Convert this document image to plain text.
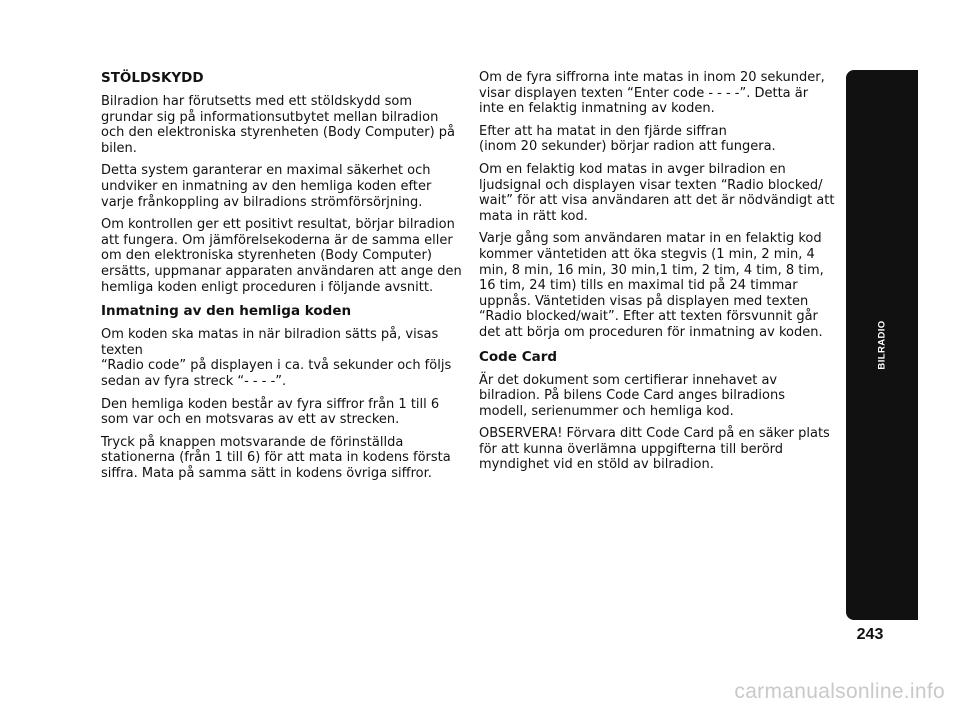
STÖLDSKYDD

Bilradion har förutsetts med ett stöldskydd som grundar sig på informationsutbytet mellan bilradion och den elektroniska styrenheten (Body Computer) på bilen.

Detta system garanterar en maximal säkerhet och undviker en inmatning av den hemliga koden efter varje frånkoppling av bilradions strömförsörjning.

Om kontrollen ger ett positivt resultat, börjar bilradion att fungera. Om jämförelsekoderna är de samma eller om den elektroniska styrenheten (Body Computer) ersätts, uppmanar apparaten användaren att ange den hemliga koden enligt proceduren i följande avsnitt.

Inmatning av den hemliga koden

Om koden ska matas in när bilradion sätts på, visas texten
“Radio code” på displayen i ca. två sekunder och följs sedan av fyra streck “- - - -”.

Den hemliga koden består av fyra siffror från 1 till 6 som var och en motsvaras av ett av strecken.

Tryck på knappen motsvarande de förinställda stationerna (från 1 till 6) för att mata in kodens första siffra. Mata på samma sätt in kodens övriga siffror.

Om de fyra siffrorna inte matas in inom 20 sekunder, visar displayen texten “Enter code - - - -”. Detta är inte en felaktig inmatning av koden.

Efter att ha matat in den fjärde siffran
(inom 20 sekunder) börjar radion att fungera.

Om en felaktig kod matas in avger bilradion en ljudsignal och displayen visar texten “Radio blocked/ wait” för att visa användaren att det är nödvändigt att mata in rätt kod.

Varje gång som användaren matar in en felaktig kod kommer väntetiden att öka stegvis (1 min, 2 min, 4 min, 8 min, 16 min, 30 min,1 tim, 2 tim, 4 tim, 8 tim, 16 tim, 24 tim) tills en maximal tid på 24 timmar uppnås. Väntetiden visas på displayen med texten “Radio blocked/wait”. Efter att texten försvunnit går det att börja om proceduren för inmatning av koden.

Code Card

Är det dokument som certifierar innehavet av bilradion. På bilens Code Card anges bilradions modell, serienummer och hemliga kod.

OBSERVERA! Förvara ditt Code Card på en säker plats för att kunna överlämna uppgifterna till berörd myndighet vid en stöld av bilradion.

BILRADIO
243
carmanualsonline.info
